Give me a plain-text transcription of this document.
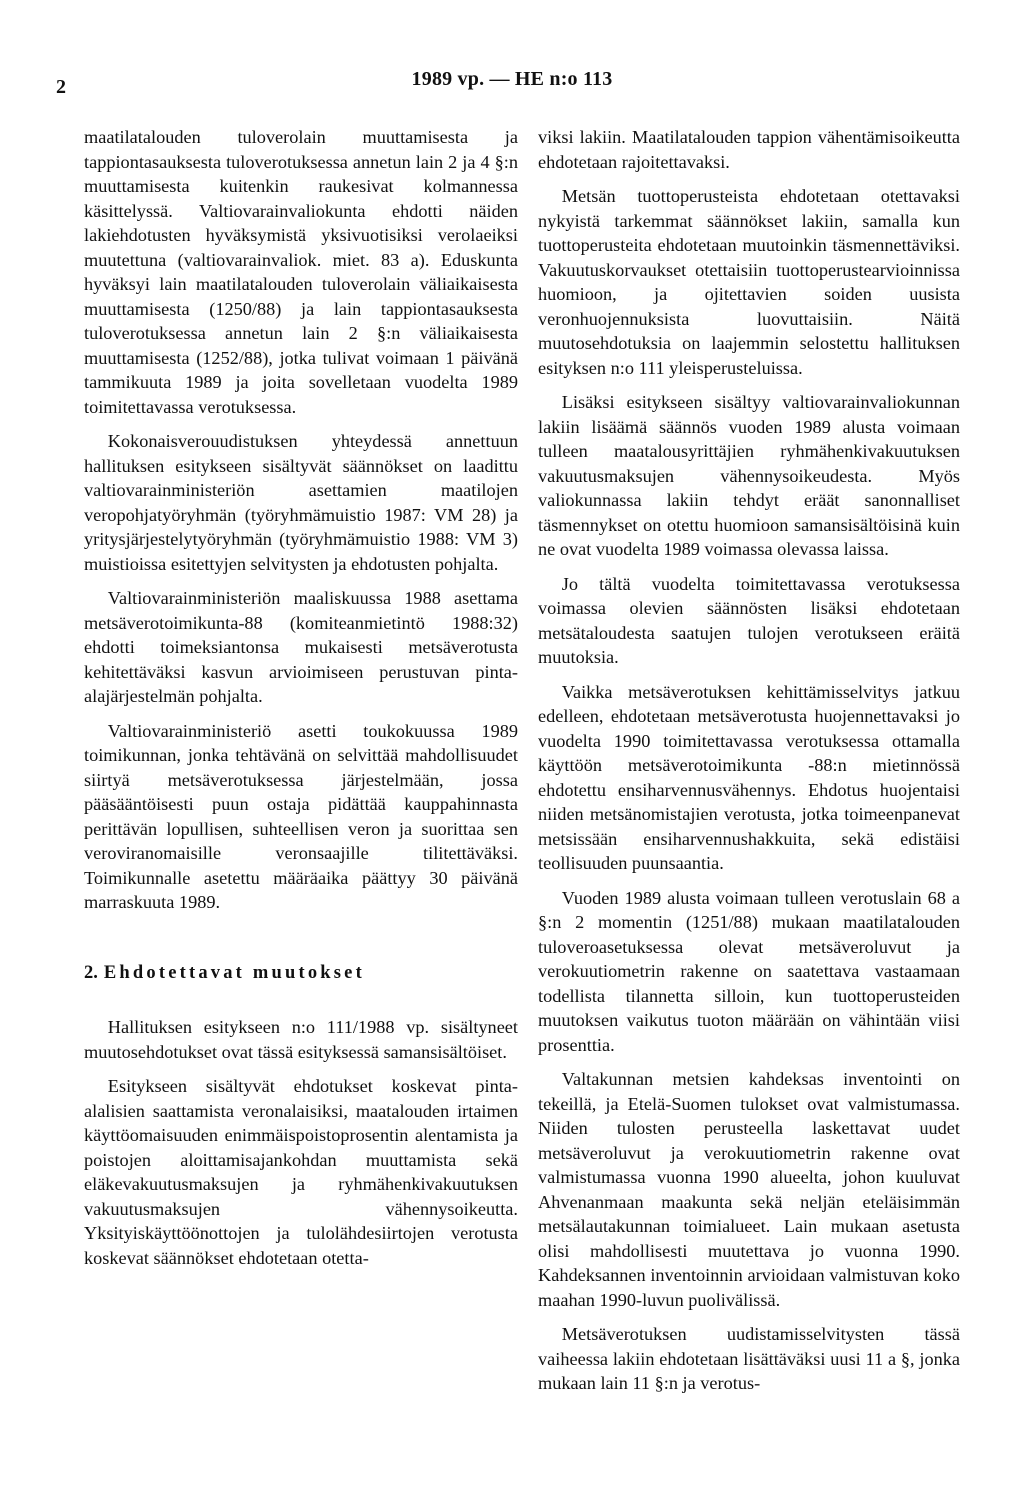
2	1989 vp. — HE n:o 113

maatilatalouden tuloverolain muuttamisesta ja tappiontasauksesta tuloverotuksessa annetun lain 2 ja 4 §:n muuttamisesta kuitenkin raukesivat kolmannessa käsittelyssä. Valtiovarainvaliokunta ehdotti näiden lakiehdotusten hyväksymistä yksivuotisiksi verolaeiksi muutettuna (valtiovarainvaliok. miet. 83 a). Eduskunta hyväksyi lain maatilatalouden tuloverolain väliaikaisesta muuttamisesta (1250/88) ja lain tappiontasauksesta tuloverotuksessa annetun lain 2 §:n väliaikaisesta muuttamisesta (1252/88), jotka tulivat voimaan 1 päivänä tammikuuta 1989 ja joita sovelletaan vuodelta 1989 toimitettavassa verotuksessa.

Kokonaisverouudistuksen yhteydessä annettuun hallituksen esitykseen sisältyvät säännökset on laadittu valtiovarainministeriön asettamien maatilojen veropohjatyöryhmän (työryhmämuistio 1987: VM 28) ja yritysjärjestelytyöryhmän (työryhmämuistio 1988: VM 3) muistioissa esitettyjen selvitysten ja ehdotusten pohjalta.

Valtiovarainministeriön maaliskuussa 1988 asettama metsäverotoimikunta-88 (komiteanmietintö 1988:32) ehdotti toimeksiantonsa mukaisesti metsäverotusta kehitettäväksi kasvun arvioimiseen perustuvan pinta-alajärjestelmän pohjalta.

Valtiovarainministeriö asetti toukokuussa 1989 toimikunnan, jonka tehtävänä on selvittää mahdollisuudet siirtyä metsäverotuksessa järjestelmään, jossa pääsääntöisesti puun ostaja pidättää kauppahinnasta perittävän lopullisen, suhteellisen veron ja suorittaa sen veroviranomaisille veronsaajille tilitettäväksi. Toimikunnalle asetettu määräaika päättyy 30 päivänä marraskuuta 1989.

2. Ehdotettavat muutokset

Hallituksen esitykseen n:o 111/1988 vp. sisältyneet muutosehdotukset ovat tässä esityksessä samansisältöiset.

Esitykseen sisältyvät ehdotukset koskevat pinta-alalisien saattamista veronalaisiksi, maatalouden irtaimen käyttöomaisuuden enimmäispoistoprosentin alentamista ja poistojen aloittamisajankohdan muuttamista sekä eläkevakuutusmaksujen ja ryhmähenkivakuutuksen vakuutusmaksujen vähennysoikeutta. Yksityiskäyttöönottojen ja tulolähdesiirtojen verotusta koskevat säännökset ehdotetaan otetta-

viksi lakiin. Maatilatalouden tappion vähentämisoikeutta ehdotetaan rajoitettavaksi.

Metsän tuottoperusteista ehdotetaan otettavaksi nykyistä tarkemmat säännökset lakiin, samalla kun tuottoperusteita ehdotetaan muutoinkin täsmennettäviksi. Vakuutuskorvaukset otettaisiin tuottoperustearvioinnissa huomioon, ja ojitettavien soiden uusista veronhuojennuksista luovuttaisiin. Näitä muutosehdotuksia on laajemmin selostettu hallituksen esityksen n:o 111 yleisperusteluissa.

Lisäksi esitykseen sisältyy valtiovarainvaliokunnan lakiin lisäämä säännös vuoden 1989 alusta voimaan tulleen maatalousyrittäjien ryhmähenkivakuutuksen vakuutusmaksujen vähennysoikeudesta. Myös valiokunnassa lakiin tehdyt eräät sanonnalliset täsmennykset on otettu huomioon samansisältöisinä kuin ne ovat vuodelta 1989 voimassa olevassa laissa.

Jo tältä vuodelta toimitettavassa verotuksessa voimassa olevien säännösten lisäksi ehdotetaan metsätaloudesta saatujen tulojen verotukseen eräitä muutoksia.

Vaikka metsäverotuksen kehittämisselvitys jatkuu edelleen, ehdotetaan metsäverotusta huojennettavaksi jo vuodelta 1990 toimitettavassa verotuksessa ottamalla käyttöön metsäverotoimikunta -88:n mietinnössä ehdotettu ensiharvennusvähennys. Ehdotus huojentaisi niiden metsänomistajien verotusta, jotka toimeenpanevat metsissään ensiharvennushakkuita, sekä edistäisi teollisuuden puunsaantia.

Vuoden 1989 alusta voimaan tulleen verotuslain 68 a §:n 2 momentin (1251/88) mukaan maatilatalouden tuloveroasetuksessa olevat metsäveroluvut ja verokuutiometrin rakenne on saatettava vastaamaan todellista tilannetta silloin, kun tuottoperusteiden muutoksen vaikutus tuoton määrään on vähintään viisi prosenttia.

Valtakunnan metsien kahdeksas inventointi on tekeillä, ja Etelä-Suomen tulokset ovat valmistumassa. Niiden tulosten perusteella laskettavat uudet metsäveroluvut ja verokuutiometrin rakenne ovat valmistumassa vuonna 1990 alueelta, johon kuuluvat Ahvenanmaan maakunta sekä neljän eteläisimmän metsälautakunnan toimialueet. Lain mukaan asetusta olisi mahdollisesti muutettava jo vuonna 1990. Kahdeksannen inventoinnin arvioidaan valmistuvan koko maahan 1990-luvun puolivälissä.

Metsäverotuksen uudistamisselvitysten tässä vaiheessa lakiin ehdotetaan lisättäväksi uusi 11 a §, jonka mukaan lain 11 §:n ja verotus-
